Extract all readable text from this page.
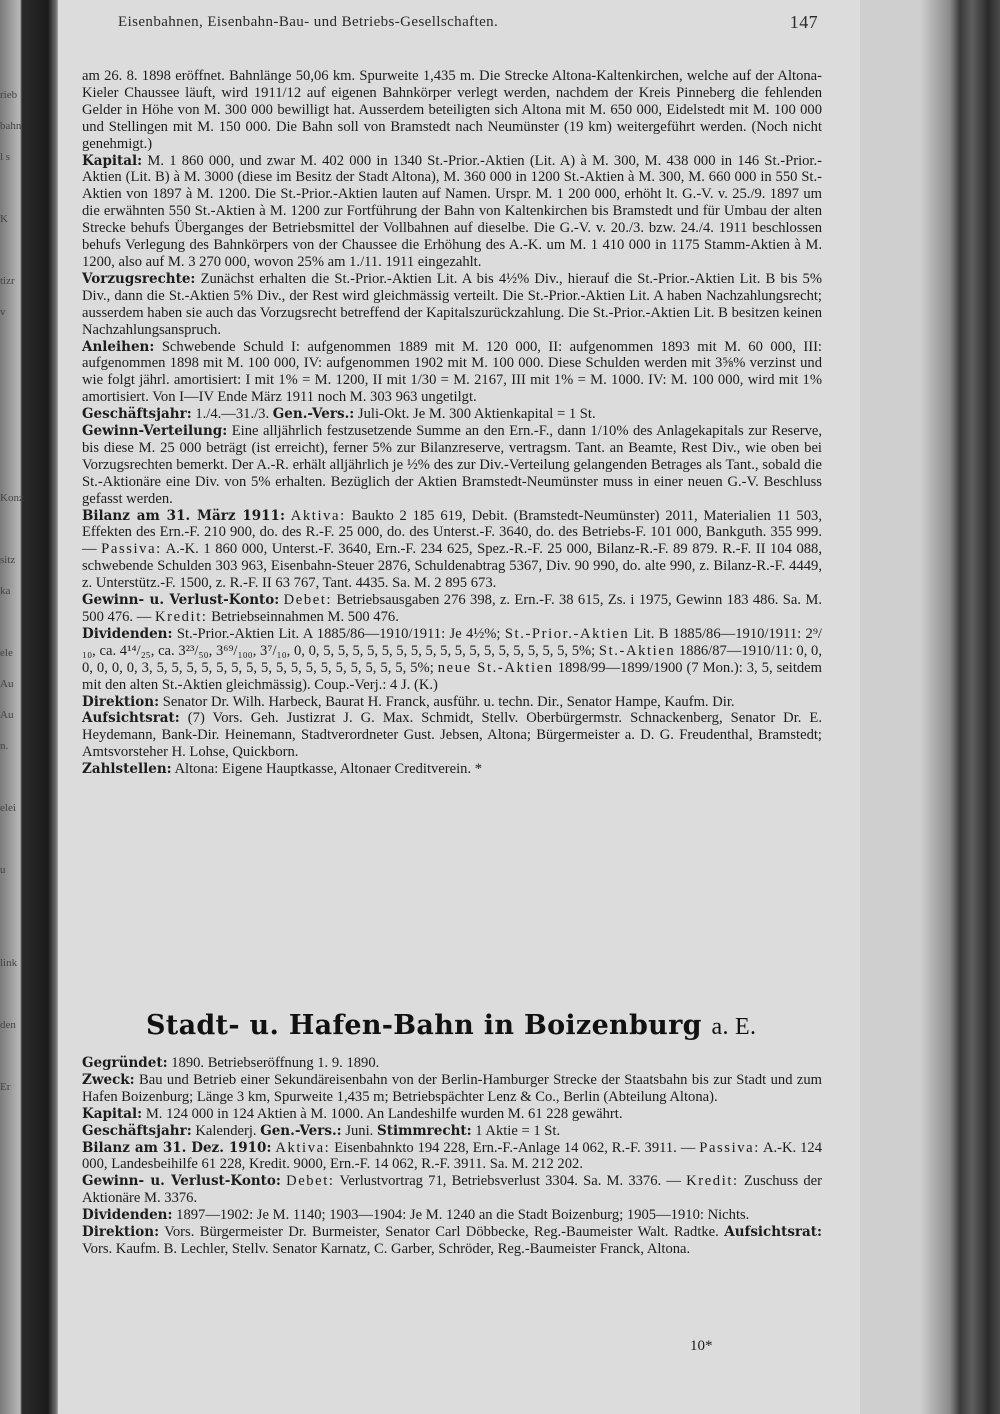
rieb
bahn
l s

K

tizr
v

Konz

sitz
ka

ele
Au
Au
n.

elei

u

link

den

Er
Eisenbahnen, Eisenbahn-Bau- und Betriebs-Gesellschaften.	147

am 26. 8. 1898 eröffnet. Bahnlänge 50,06 km. Spurweite 1,435 m. Die Strecke Altona-Kaltenkirchen, welche auf der Altona-Kieler Chaussee läuft, wird 1911/12 auf eigenen Bahnkörper verlegt werden, nachdem der Kreis Pinneberg die fehlenden Gelder in Höhe von M. 300 000 bewilligt hat. Ausserdem beteiligten sich Altona mit M. 650 000, Eidelstedt mit M. 100 000 und Stellingen mit M. 150 000. Die Bahn soll von Bramstedt nach Neumünster (19 km) weitergeführt werden. (Noch nicht genehmigt.)

Kapital: M. 1 860 000, und zwar M. 402 000 in 1340 St.-Prior.-Aktien (Lit. A) à M. 300, M. 438 000 in 146 St.-Prior.-Aktien (Lit. B) à M. 3000 (diese im Besitz der Stadt Altona), M. 360 000 in 1200 St.-Aktien à M. 300, M. 660 000 in 550 St.-Aktien von 1897 à M. 1200. Die St.-Prior.-Aktien lauten auf Namen. Urspr. M. 1 200 000, erhöht lt. G.-V. v. 25./9. 1897 um die erwähnten 550 St.-Aktien à M. 1200 zur Fortführung der Bahn von Kaltenkirchen bis Bramstedt und für Umbau der alten Strecke behufs Überganges der Betriebsmittel der Vollbahnen auf dieselbe. Die G.-V. v. 20./3. bzw. 24./4. 1911 beschlossen behufs Verlegung des Bahnkörpers von der Chaussee die Erhöhung des A.-K. um M. 1 410 000 in 1175 Stamm-Aktien à M. 1200, also auf M. 3 270 000, wovon 25% am 1./11. 1911 eingezahlt.

Vorzugsrechte: Zunächst erhalten die St.-Prior.-Aktien Lit. A bis 4½% Div., hierauf die St.-Prior.-Aktien Lit. B bis 5% Div., dann die St.-Aktien 5% Div., der Rest wird gleichmässig verteilt. Die St.-Prior.-Aktien Lit. A haben Nachzahlungsrecht; ausserdem haben sie auch das Vorzugsrecht betreffend der Kapitalszurückzahlung. Die St.-Prior.-Aktien Lit. B besitzen keinen Nachzahlungsanspruch.

Anleihen: Schwebende Schuld I: aufgenommen 1889 mit M. 120 000, II: aufgenommen 1893 mit M. 60 000, III: aufgenommen 1898 mit M. 100 000, IV: aufgenommen 1902 mit M. 100 000. Diese Schulden werden mit 3⅝% verzinst und wie folgt jährl. amortisiert: I mit 1% = M. 1200, II mit 1/30 = M. 2167, III mit 1% = M. 1000. IV: M. 100 000, wird mit 1% amortisiert. Von I—IV Ende März 1911 noch M. 303 963 ungetilgt.

Geschäftsjahr: 1./4.—31./3. Gen.-Vers.: Juli-Okt. Je M. 300 Aktienkapital = 1 St.

Gewinn-Verteilung: Eine alljährlich festzusetzende Summe an den Ern.-F., dann 1/10% des Anlagekapitals zur Reserve, bis diese M. 25 000 beträgt (ist erreicht), ferner 5% zur Bilanzreserve, vertragsm. Tant. an Beamte, Rest Div., wie oben bei Vorzugsrechten bemerkt. Der A.-R. erhält alljährlich je ½% des zur Div.-Verteilung gelangenden Betrages als Tant., sobald die St.-Aktionäre eine Div. von 5% erhalten. Bezüglich der Aktien Bramstedt-Neumünster muss in einer neuen G.-V. Beschluss gefasst werden.

Bilanz am 31. März 1911: Aktiva: Baukto 2 185 619, Debit. (Bramstedt-Neumünster) 2011, Materialien 11 503, Effekten des Ern.-F. 210 900, do. des R.-F. 25 000, do. des Unterst.-F. 3640, do. des Betriebs-F. 101 000, Bankguth. 355 999. — Passiva: A.-K. 1 860 000, Unterst.-F. 3640, Ern.-F. 234 625, Spez.-R.-F. 25 000, Bilanz-R.-F. 89 879. R.-F. II 104 088, schwebende Schulden 303 963, Eisenbahn-Steuer 2876, Schuldenabtrag 5367, Div. 90 990, do. alte 990, z. Bilanz-R.-F. 4449, z. Unterstütz.-F. 1500, z. R.-F. II 63 767, Tant. 4435. Sa. M. 2 895 673.

Gewinn- u. Verlust-Konto: Debet: Betriebsausgaben 276 398, z. Ern.-F. 38 615, Zs. i 1975, Gewinn 183 486. Sa. M. 500 476. — Kredit: Betriebseinnahmen M. 500 476.

Dividenden: St.-Prior.-Aktien Lit. A 1885/86—1910/1911: Je 4½%; St.-Prior.-Aktien Lit. B 1885/86—1910/1911: 2⁹/₁₀, ca. 4¹⁴/₂₅, ca. 3²³/₅₀, 3⁶⁹/₁₀₀, 3⁷/₁₀, 0, 0, 5, 5, 5, 5, 5, 5, 5, 5, 5, 5, 5, 5, 5, 5, 5, 5, 5, 5%; St.-Aktien 1886/87—1910/11: 0, 0, 0, 0, 0, 0, 3, 5, 5, 5, 5, 5, 5, 5, 5, 5, 5, 5, 5, 5, 5, 5, 5, 5, 5%; neue St.-Aktien 1898/99—1899/1900 (7 Mon.): 3, 5, seitdem mit den alten St.-Aktien gleichmässig). Coup.-Verj.: 4 J. (K.)

Direktion: Senator Dr. Wilh. Harbeck, Baurat H. Franck, ausführ. u. techn. Dir., Senator Hampe, Kaufm. Dir.

Aufsichtsrat: (7) Vors. Geh. Justizrat J. G. Max. Schmidt, Stellv. Oberbürgermstr. Schnackenberg, Senator Dr. E. Heydemann, Bank-Dir. Heinemann, Stadtverordneter Gust. Jebsen, Altona; Bürgermeister a. D. G. Freudenthal, Bramstedt; Amtsvorsteher H. Lohse, Quickborn.

Zahlstellen: Altona: Eigene Hauptkasse, Altonaer Creditverein. *

Stadt- u. Hafen-Bahn in Boizenburg a. E.

Gegründet: 1890. Betriebseröffnung 1. 9. 1890.

Zweck: Bau und Betrieb einer Sekundäreisenbahn von der Berlin-Hamburger Strecke der Staatsbahn bis zur Stadt und zum Hafen Boizenburg; Länge 3 km, Spurweite 1,435 m; Betriebspächter Lenz & Co., Berlin (Abteilung Altona).

Kapital: M. 124 000 in 124 Aktien à M. 1000. An Landeshilfe wurden M. 61 228 gewährt.

Geschäftsjahr: Kalenderj. Gen.-Vers.: Juni. Stimmrecht: 1 Aktie = 1 St.

Bilanz am 31. Dez. 1910: Aktiva: Eisenbahnkto 194 228, Ern.-F.-Anlage 14 062, R.-F. 3911. — Passiva: A.-K. 124 000, Landesbeihilfe 61 228, Kredit. 9000, Ern.-F. 14 062, R.-F. 3911. Sa. M. 212 202.

Gewinn- u. Verlust-Konto: Debet: Verlustvortrag 71, Betriebsverlust 3304. Sa. M. 3376. — Kredit: Zuschuss der Aktionäre M. 3376.

Dividenden: 1897—1902: Je M. 1140; 1903—1904: Je M. 1240 an die Stadt Boizenburg; 1905—1910: Nichts.

Direktion: Vors. Bürgermeister Dr. Burmeister, Senator Carl Döbbecke, Reg.-Baumeister Walt. Radtke. Aufsichtsrat: Vors. Kaufm. B. Lechler, Stellv. Senator Karnatz, C. Garber, Schröder, Reg.-Baumeister Franck, Altona.

10*
